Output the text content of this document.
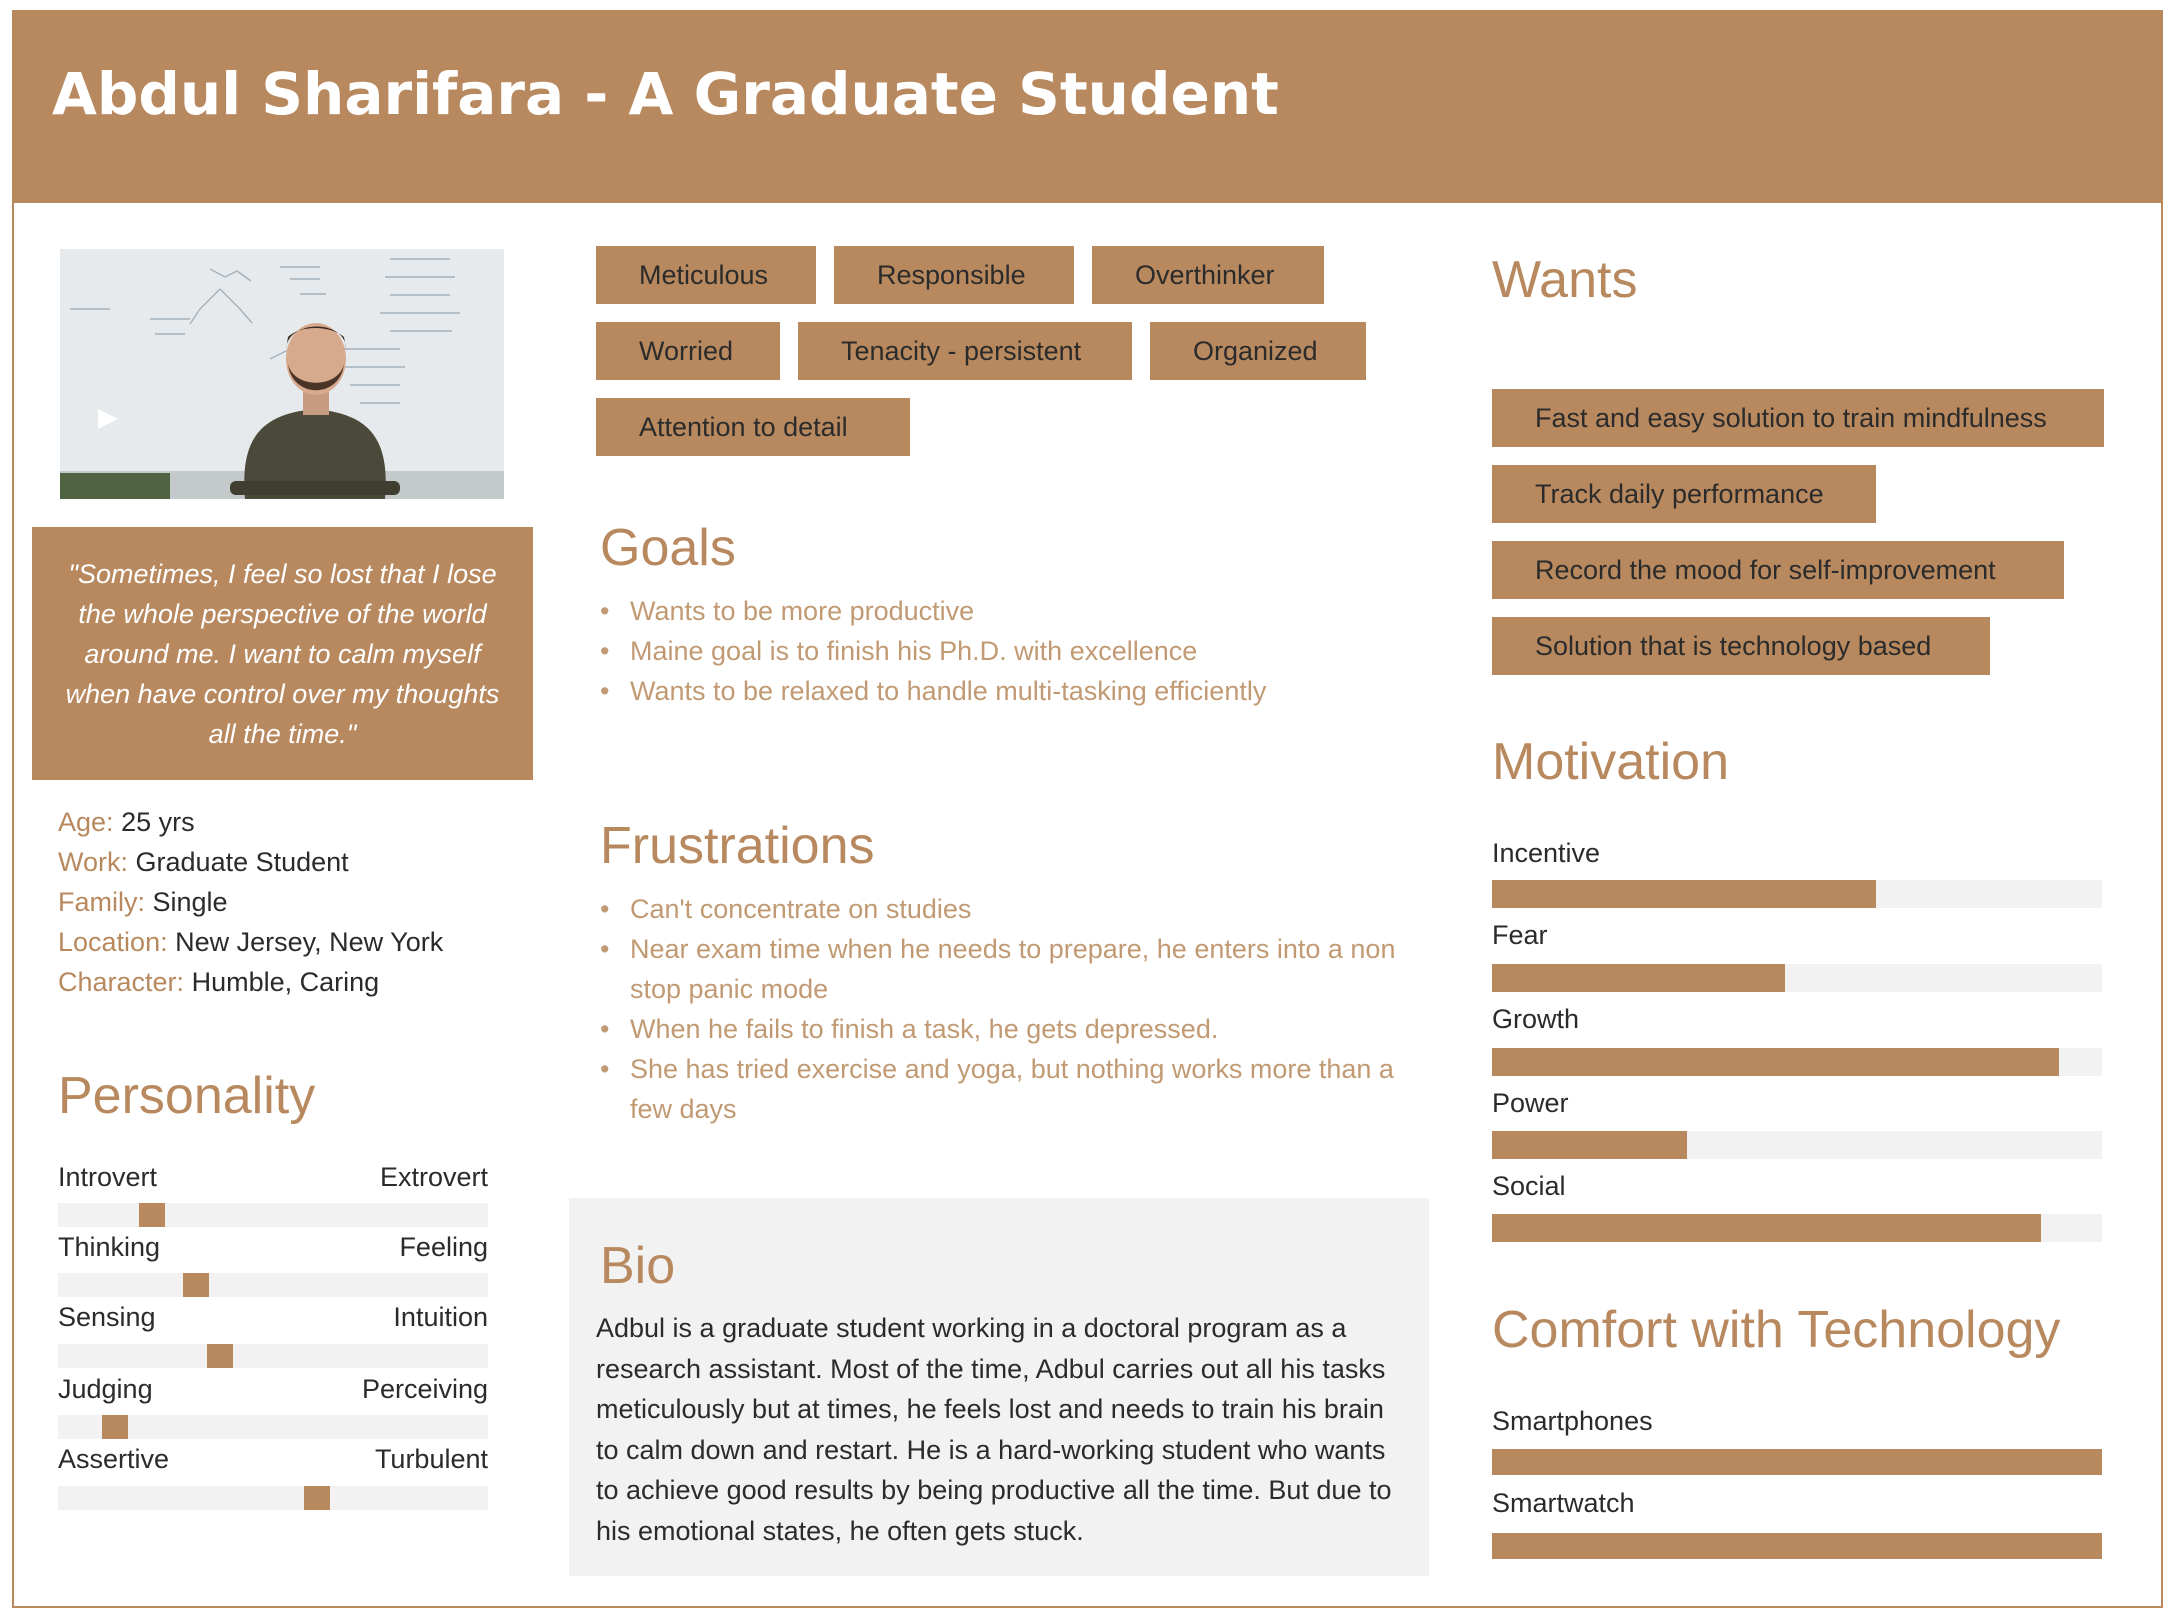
Abdul Sharifara - A Graduate Student
"Sometimes, I feel so lost that I lose the whole perspective of the world around me. I want to calm myself when have control over my thoughts all the time."
Age: 25 yrs
Work: Graduate Student
Family: Single
Location: New Jersey, New York
Character: Humble, Caring
Personality
Introvert	Extrovert
Thinking	Feeling
Sensing	Intuition
Judging	Perceiving
Assertive	Turbulent
Meticulous	Responsible	Overthinker
Worried	Tenacity - persistent	Organized
Attention to detail
Goals
• Wants to be more productive
• Maine goal is to finish his Ph.D. with excellence
• Wants to be relaxed to handle multi-tasking efficiently
Frustrations
• Can't concentrate on studies
• Near exam time when he needs to prepare, he enters into a non stop panic mode
• When he fails to finish a task, he gets depressed.
• She has tried exercise and yoga, but nothing works more than a few days
Bio
Adbul is a graduate student working in a doctoral program as a research assistant. Most of the time, Adbul carries out all his tasks meticulously but at times, he feels lost and needs to train his brain to calm down and restart. He is a hard-working student who wants to achieve good results by being productive all the time. But due to his emotional states, he often gets stuck.
Wants
Fast and easy solution to train mindfulness
Track daily performance
Record the mood for self-improvement
Solution that is technology based
Motivation
Incentive
Fear
Growth
Power
Social
Comfort with Technology
Smartphones
Smartwatch
